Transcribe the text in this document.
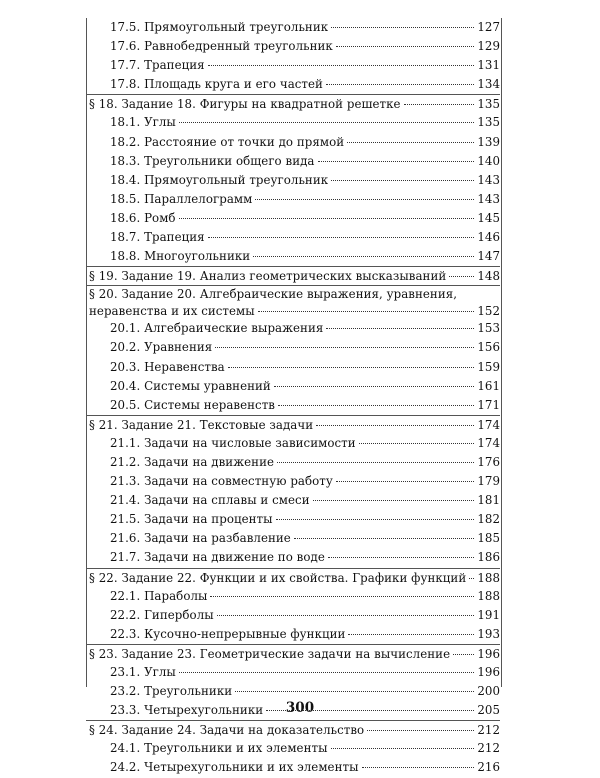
17.5. Прямоугольный треугольник	127
17.6. Равнобедренный треугольник	129
17.7. Трапеция	131
17.8. Площадь круга и его частей	134
§ 18. Задание 18. Фигуры на квадратной решетке	135
18.1. Углы	135
18.2. Расстояние от точки до прямой	139
18.3. Треугольники общего вида	140
18.4. Прямоугольный треугольник	143
18.5. Параллелограмм	143
18.6. Ромб	145
18.7. Трапеция	146
18.8. Многоугольники	147
§ 19. Задание 19. Анализ геометрических высказываний	148
§ 20. Задание 20. Алгебраические выражения, уравнения,
неравенства и их системы	152
20.1. Алгебраические выражения	153
20.2. Уравнения	156
20.3. Неравенства	159
20.4. Системы уравнений	161
20.5. Системы неравенств	171
§ 21. Задание 21. Текстовые задачи	174
21.1. Задачи на числовые зависимости	174
21.2. Задачи на движение	176
21.3. Задачи на совместную работу	179
21.4. Задачи на сплавы и смеси	181
21.5. Задачи на проценты	182
21.6. Задачи на разбавление	185
21.7. Задачи на движение по воде	186
§ 22. Задание 22. Функции и их свойства. Графики функций 188
22.1. Параболы	188
22.2. Гиперболы	191
22.3. Кусочно-непрерывные функции	193
§ 23. Задание 23. Геометрические задачи на вычисление 196
23.1. Углы	196
23.2. Треугольники	200
23.3. Четырехугольники	205
§ 24. Задание 24. Задачи на доказательство	212
24.1. Треугольники и их элементы	212
24.2. Четырехугольники и их элементы	216
300
